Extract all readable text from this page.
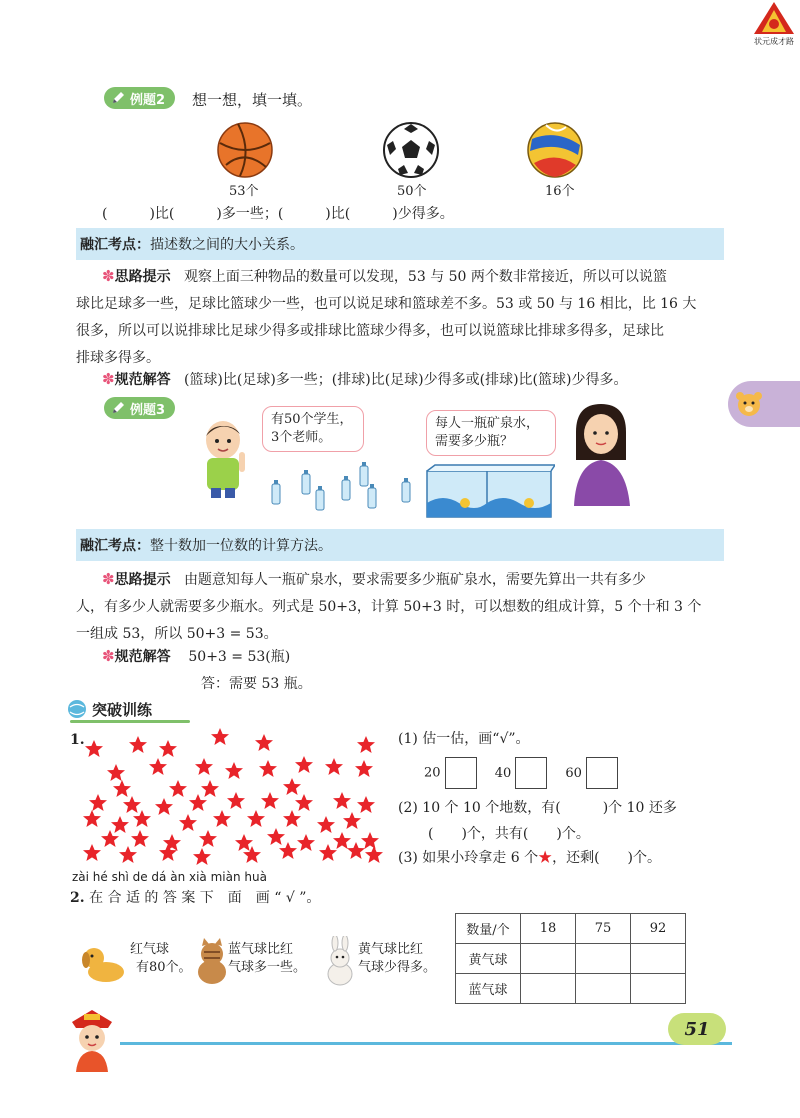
状元成才路
例题2 想一想，填一填。
53个	50个	16个
(　　　)比(　　　)多一些；(　　　)比(　　　)少得多。
融汇考点： 描述数之间的大小关系。
✽思路提示 观察上面三种物品的数量可以发现，53 与 50 两个数非常接近，所以可以说篮
球比足球多一些，足球比篮球少一些，也可以说足球和篮球差不多。53 或 50 与 16 相比，比 16 大
很多，所以可以说排球比足球少得多或排球比篮球少得多，也可以说篮球比排球多得多，足球比
排球多得多。
✽规范解答 (篮球)比(足球)多一些；(排球)比(足球)少得多或(排球)比(篮球)少得多。
例题3
有50个学生，
3个老师。
每人一瓶矿泉水，
需要多少瓶？
融汇考点： 整十数加一位数的计算方法。
✽思路提示 由题意知每人一瓶矿泉水，要求需要多少瓶矿泉水，需要先算出一共有多少
人，有多少人就需要多少瓶水。列式是 50+3，计算 50+3 时，可以想数的组成计算，5 个十和 3 个
一组成 53，所以 50+3 = 53。
✽规范解答 50+3 = 53(瓶)
答：需要 53 瓶。
突破训练
1.	(1) 估一估，画“√”。
20	40	60
(2) 10 个 10 个地数，有(　　　)个 10 还多
(　　)个，共有(　　)个。
(3) 如果小玲拿走 6 个★，还剩(　　)个。
zài hé shì de dá àn xià miàn huà
2. 在 合 适 的 答 案 下　面　画 “ √ ”。
红气球
有80个。
蓝气球比红
气球多一些。
黄气球比红
气球少得多。
数量/个	18	75	92
黄气球			
蓝气球			
51
